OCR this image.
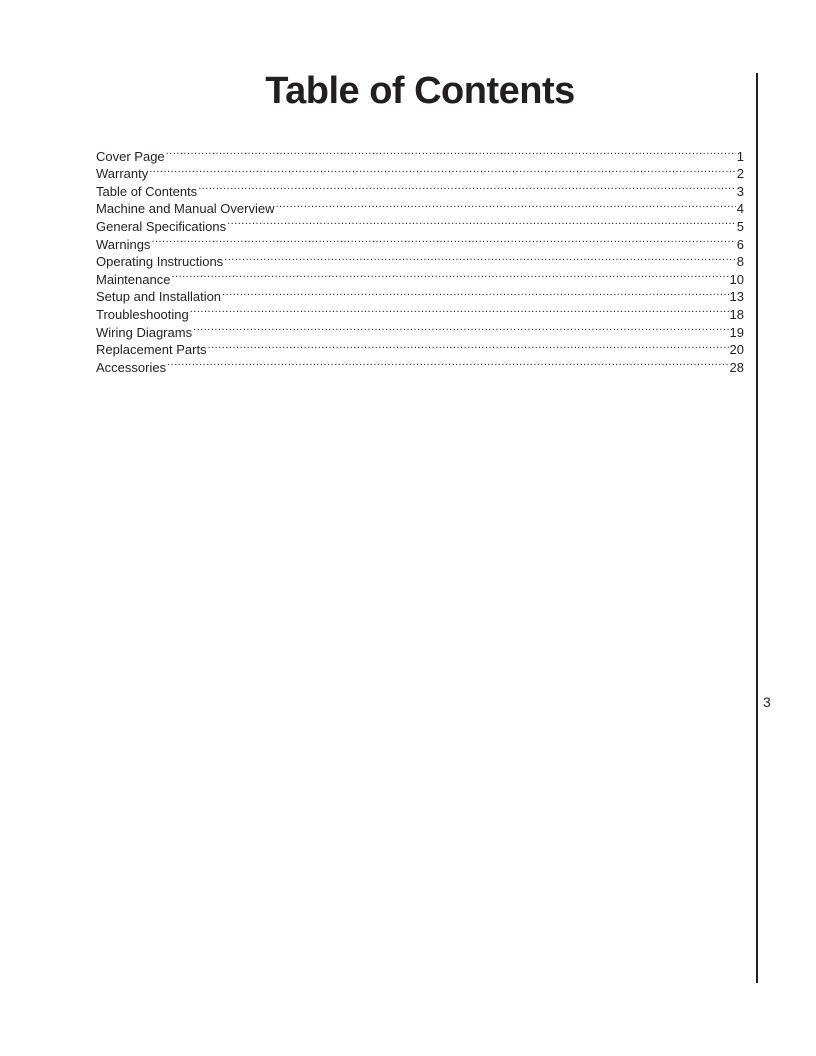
Table of Contents
Cover Page .....	1
Warranty .....	2
Table of Contents .....	3
Machine and Manual Overview .....	4
General Specifications .....	5
Warnings .....	6
Operating Instructions .....	8
Maintenance .....	10
Setup and Installation .....	13
Troubleshooting .....	18
Wiring Diagrams .....	19
Replacement Parts .....	20
Accessories .....	28
3
